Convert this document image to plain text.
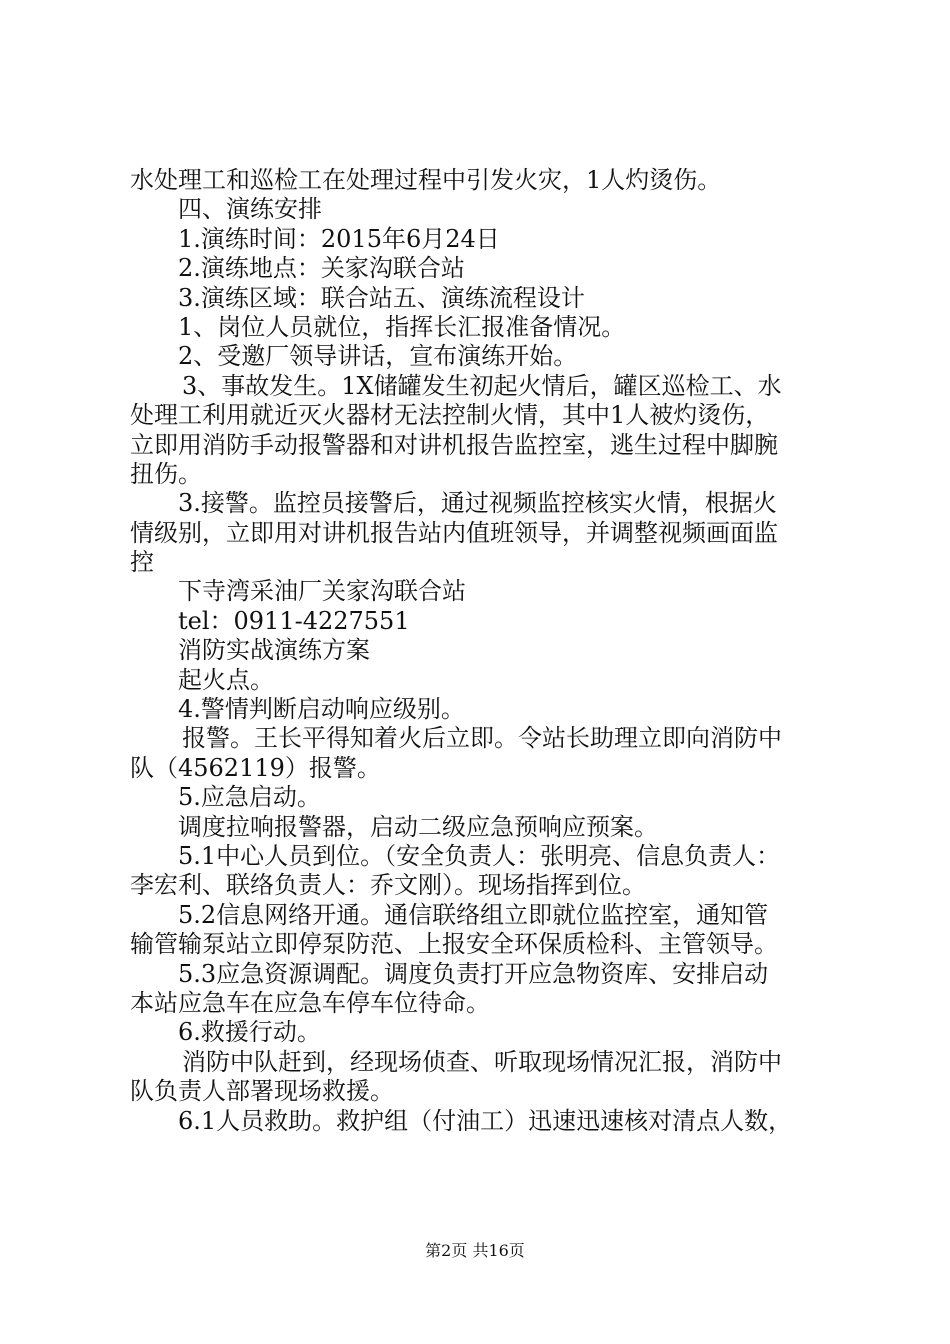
水处理工和巡检工在处理过程中引发火灾，1人灼烫伤。
四、演练安排
1.演练时间：2015年6月24日
2.演练地点：关家沟联合站
3.演练区域：联合站五、演练流程设计
1、岗位人员就位，指挥长汇报准备情况。
2、受邀厂领导讲话，宣布演练开始。
3、事故发生。1X储罐发生初起火情后，罐区巡检工、水
处理工利用就近灭火器材无法控制火情，其中1人被灼烫伤，
立即用消防手动报警器和对讲机报告监控室，逃生过程中脚腕
扭伤。
3.接警。监控员接警后，通过视频监控核实火情，根据火
情级别，立即用对讲机报告站内值班领导，并调整视频画面监
控
下寺湾采油厂关家沟联合站
tel：0911-4227551
消防实战演练方案
起火点。
4.警情判断启动响应级别。
报警。王长平得知着火后立即。令站长助理立即向消防中
队（4562119）报警。
5.应急启动。
调度拉响报警器，启动二级应急预响应预案。
5.1中心人员到位。（安全负责人：张明亮、信息负责人：
李宏利、联络负责人：乔文刚）。现场指挥到位。
5.2信息网络开通。通信联络组立即就位监控室，通知管
输管输泵站立即停泵防范、上报安全环保质检科、主管领导。
5.3应急资源调配。调度负责打开应急物资库、安排启动
本站应急车在应急车停车位待命。
6.救援行动。
消防中队赶到，经现场侦查、听取现场情况汇报，消防中
队负责人部署现场救援。
6.1人员救助。救护组（付油工）迅速迅速核对清点人数，
第2页 共16页
